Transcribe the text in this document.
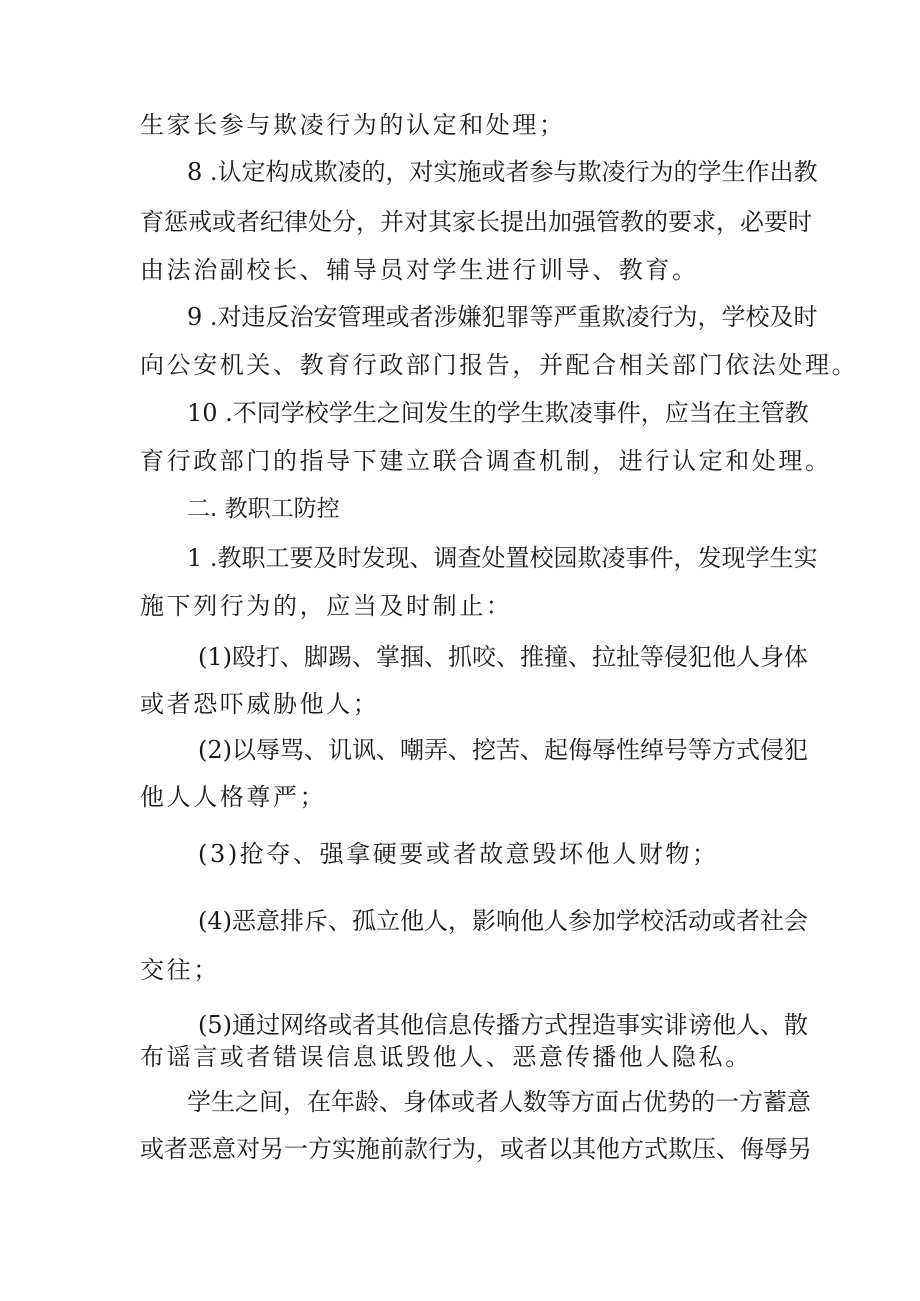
生家长参与欺凌行为的认定和处理；
8 .认定构成欺凌的，对实施或者参与欺凌行为的学生作出教
育惩戒或者纪律处分，并对其家长提出加强管教的要求，必要时
由法治副校长、辅导员对学生进行训导、教育。
9 .对违反治安管理或者涉嫌犯罪等严重欺凌行为，学校及时
向公安机关、教育行政部门报告，并配合相关部门依法处理。
10 .不同学校学生之间发生的学生欺凌事件，应当在主管教
育行政部门的指导下建立联合调查机制，进行认定和处理。
二. 教职工防控
1 .教职工要及时发现、调查处置校园欺凌事件，发现学生实
施下列行为的，应当及时制止：
(1)殴打、脚踢、掌掴、抓咬、推撞、拉扯等侵犯他人身体
或者恐吓威胁他人；
(2)以辱骂、讥讽、嘲弄、挖苦、起侮辱性绰号等方式侵犯
他人人格尊严；
(3)抢夺、强拿硬要或者故意毁坏他人财物；
(4)恶意排斥、孤立他人，影响他人参加学校活动或者社会
交往；
(5)通过网络或者其他信息传播方式捏造事实诽谤他人、散
布谣言或者错误信息诋毁他人、恶意传播他人隐私。
学生之间，在年龄、身体或者人数等方面占优势的一方蓄意
或者恶意对另一方实施前款行为，或者以其他方式欺压、侮辱另
